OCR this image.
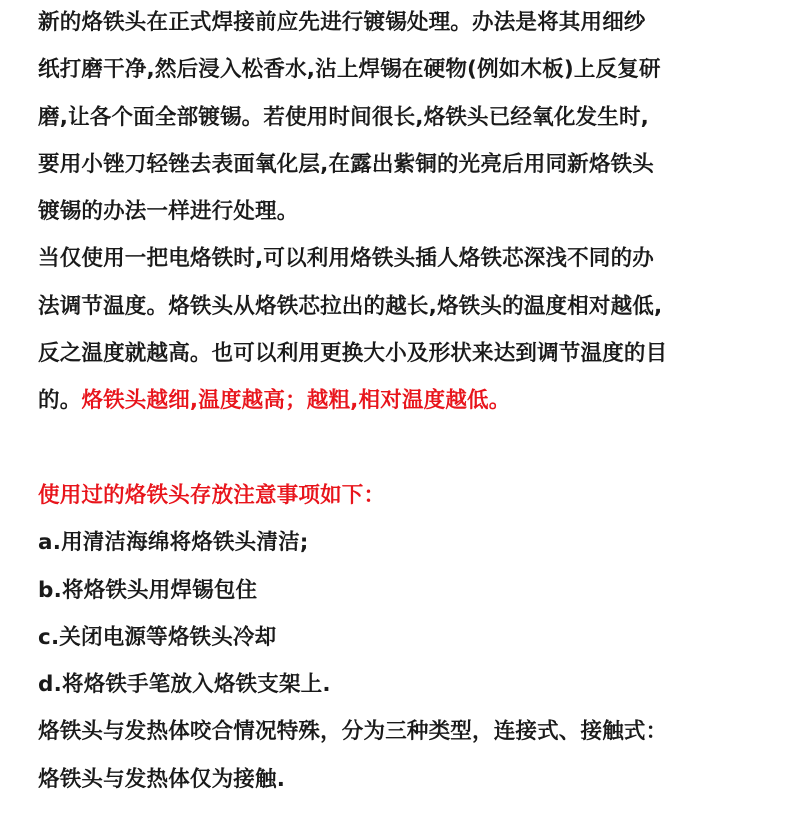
新的烙铁头在正式焊接前应先进行镀锡处理。办法是将其用细纱
纸打磨干净,然后浸入松香水,沾上焊锡在硬物(例如木板)上反复研
磨,让各个面全部镀锡。若使用时间很长,烙铁头已经氧化发生时,
要用小锉刀轻锉去表面氧化层,在露出紫铜的光亮后用同新烙铁头
镀锡的办法一样进行处理。
当仅使用一把电烙铁时,可以利用烙铁头插人烙铁芯深浅不同的办
法调节温度。烙铁头从烙铁芯拉出的越长,烙铁头的温度相对越低,
反之温度就越高。也可以利用更换大小及形状来达到调节温度的目
的。烙铁头越细,温度越高；越粗,相对温度越低。
使用过的烙铁头存放注意事项如下：
a.用清洁海绵将烙铁头清洁;
b.将烙铁头用焊锡包住
c.关闭电源等烙铁头冷却
d.将烙铁手笔放入烙铁支架上.
烙铁头与发热体咬合情况特殊，分为三种类型，连接式、接触式：
烙铁头与发热体仅为接触.
